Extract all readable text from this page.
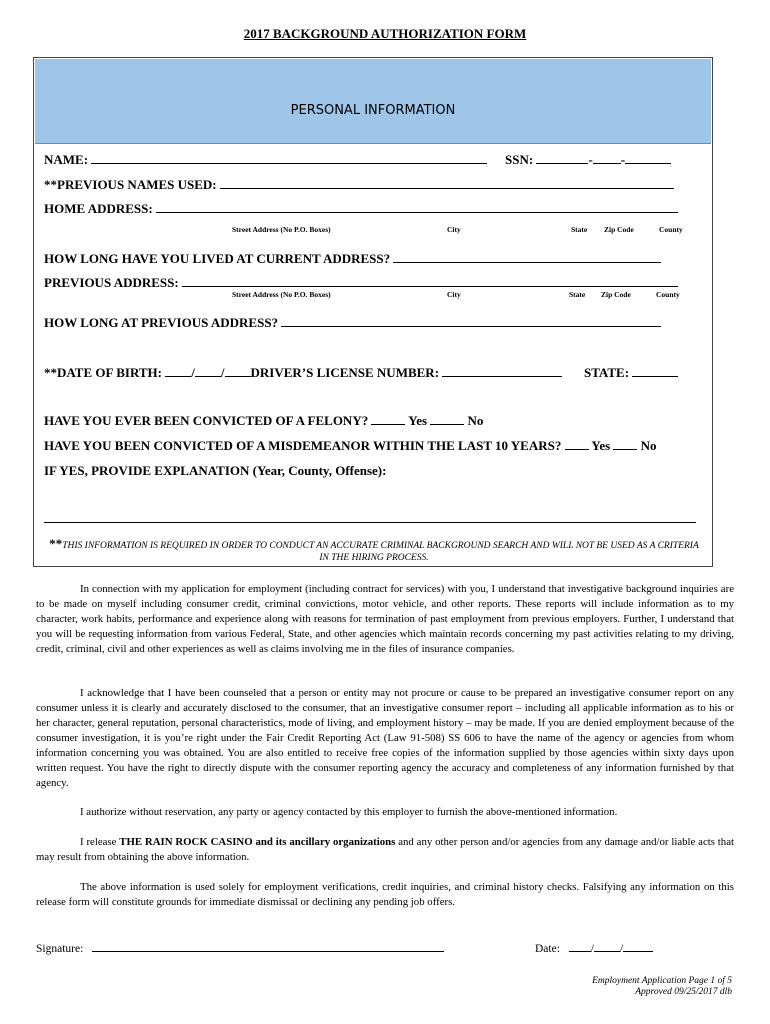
2017 BACKGROUND AUTHORIZATION FORM
PERSONAL INFORMATION
NAME:	SSN:	- -
**PREVIOUS NAMES USED:
HOME ADDRESS:
Street Address (No P.O. Boxes)	City	State Zip Code	County
HOW LONG HAVE YOU LIVED AT CURRENT ADDRESS?
PREVIOUS ADDRESS:
Street Address (No P.O. Boxes)	City	State Zip Code	County
HOW LONG AT PREVIOUS ADDRESS?
**DATE OF BIRTH: / / DRIVER’S LICENSE NUMBER:	STATE:
HAVE YOU EVER BEEN CONVICTED OF A FELONY?	Yes	No
HAVE YOU BEEN CONVICTED OF A MISDEMEANOR WITHIN THE LAST 10 YEARS? Yes No
IF YES, PROVIDE EXPLANATION (Year, County, Offense):
**THIS INFORMATION IS REQUIRED IN ORDER TO CONDUCT AN ACCURATE CRIMINAL BACKGROUND SEARCH AND WILL NOT BE USED AS A CRITERIA IN THE HIRING PROCESS.
In connection with my application for employment (including contract for services) with you, I understand that investigative background inquiries are to be made on myself including consumer credit, criminal convictions, motor vehicle, and other reports. These reports will include information as to my character, work habits, performance and experience along with reasons for termination of past employment from previous employers. Further, I understand that you will be requesting information from various Federal, State, and other agencies which maintain records concerning my past activities relating to my driving, credit, criminal, civil and other experiences as well as claims involving me in the files of insurance companies.
I acknowledge that I have been counseled that a person or entity may not procure or cause to be prepared an investigative consumer report on any consumer unless it is clearly and accurately disclosed to the consumer, that an investigative consumer report – including all applicable information as to his or her character, general reputation, personal characteristics, mode of living, and employment history – may be made. If you are denied employment because of the consumer investigation, it is you’re right under the Fair Credit Reporting Act (Law 91-508) SS 606 to have the name of the agency or agencies from whom information concerning you was obtained. You are also entitled to receive free copies of the information supplied by those agencies within sixty days upon written request. You have the right to directly dispute with the consumer reporting agency the accuracy and completeness of any information furnished by that agency.
I authorize without reservation, any party or agency contacted by this employer to furnish the above-mentioned information.
I release THE RAIN ROCK CASINO and its ancillary organizations and any other person and/or agencies from any damage and/or liable acts that may result from obtaining the above information.
The above information is used solely for employment verifications, credit inquiries, and criminal history checks. Falsifying any information on this release form will constitute grounds for immediate dismissal or declining any pending job offers.
Signature:	Date:	/ /
Employment Application Page 1 of 5
Approved 09/25/2017 dlb
